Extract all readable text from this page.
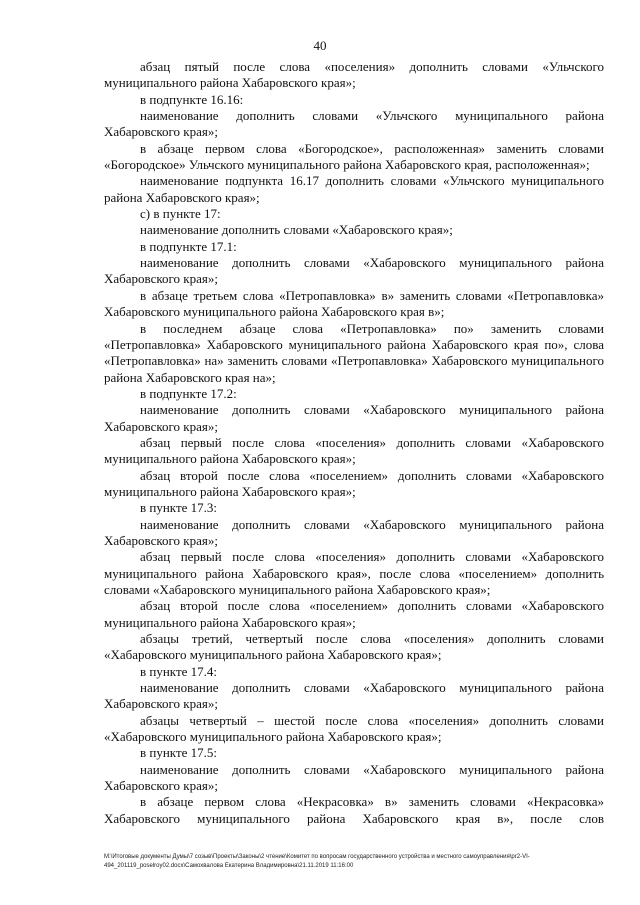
40

абзац пятый после слова «поселения» дополнить словами «Ульчского муниципального района Хабаровского края»;

в подпункте 16.16:

наименование дополнить словами «Ульчского муниципального района Хабаровского края»;

в абзаце первом слова «Богородское», расположенная» заменить словами «Богородское» Ульчского муниципального района Хабаровского края, расположенная»;

наименование подпункта 16.17 дополнить словами «Ульчского муниципального района Хабаровского края»;

с) в пункте 17:

наименование дополнить словами «Хабаровского края»;

в подпункте 17.1:

наименование дополнить словами «Хабаровского муниципального района Хабаровского края»;

в абзаце третьем слова «Петропавловка» в» заменить словами «Петропавловка» Хабаровского муниципального района Хабаровского края в»;

в последнем абзаце слова «Петропавловка» по» заменить словами «Петропавловка» Хабаровского муниципального района Хабаровского края по», слова «Петропавловка» на» заменить словами «Петропавловка» Хабаровского муниципального района Хабаровского края на»;

в подпункте 17.2:

наименование дополнить словами «Хабаровского муниципального района Хабаровского края»;

абзац первый после слова «поселения» дополнить словами «Хабаровского муниципального района Хабаровского края»;

абзац второй после слова «поселением» дополнить словами «Хабаровского муниципального района Хабаровского края»;

в пункте 17.3:

наименование дополнить словами «Хабаровского муниципального района Хабаровского края»;

абзац первый после слова «поселения» дополнить словами «Хабаровского муниципального района Хабаровского края», после слова «поселением» дополнить словами «Хабаровского муниципального района Хабаровского края»;

абзац второй после слова «поселением» дополнить словами «Хабаровского муниципального района Хабаровского края»;

абзацы третий, четвертый после слова «поселения» дополнить словами «Хабаровского муниципального района Хабаровского края»;

в пункте 17.4:

наименование дополнить словами «Хабаровского муниципального района Хабаровского края»;

абзацы четвертый – шестой после слова «поселения» дополнить словами «Хабаровского муниципального района Хабаровского края»;

в пункте 17.5:

наименование дополнить словами «Хабаровского муниципального района Хабаровского края»;

в абзаце первом слова «Некрасовка» в» заменить словами «Некрасовка» Хабаровского муниципального района Хабаровского края в», после слов

М:\Итоговые документы Думы\7 созыв\Проекты\Законы\2 чтение\Комитет по вопросам государственного устройства и местного самоуправления\pr2-VI-
494_201119_poselroy02.docx\Самохвалова Екатерина Владимировна\21.11.2019 11:16:00
